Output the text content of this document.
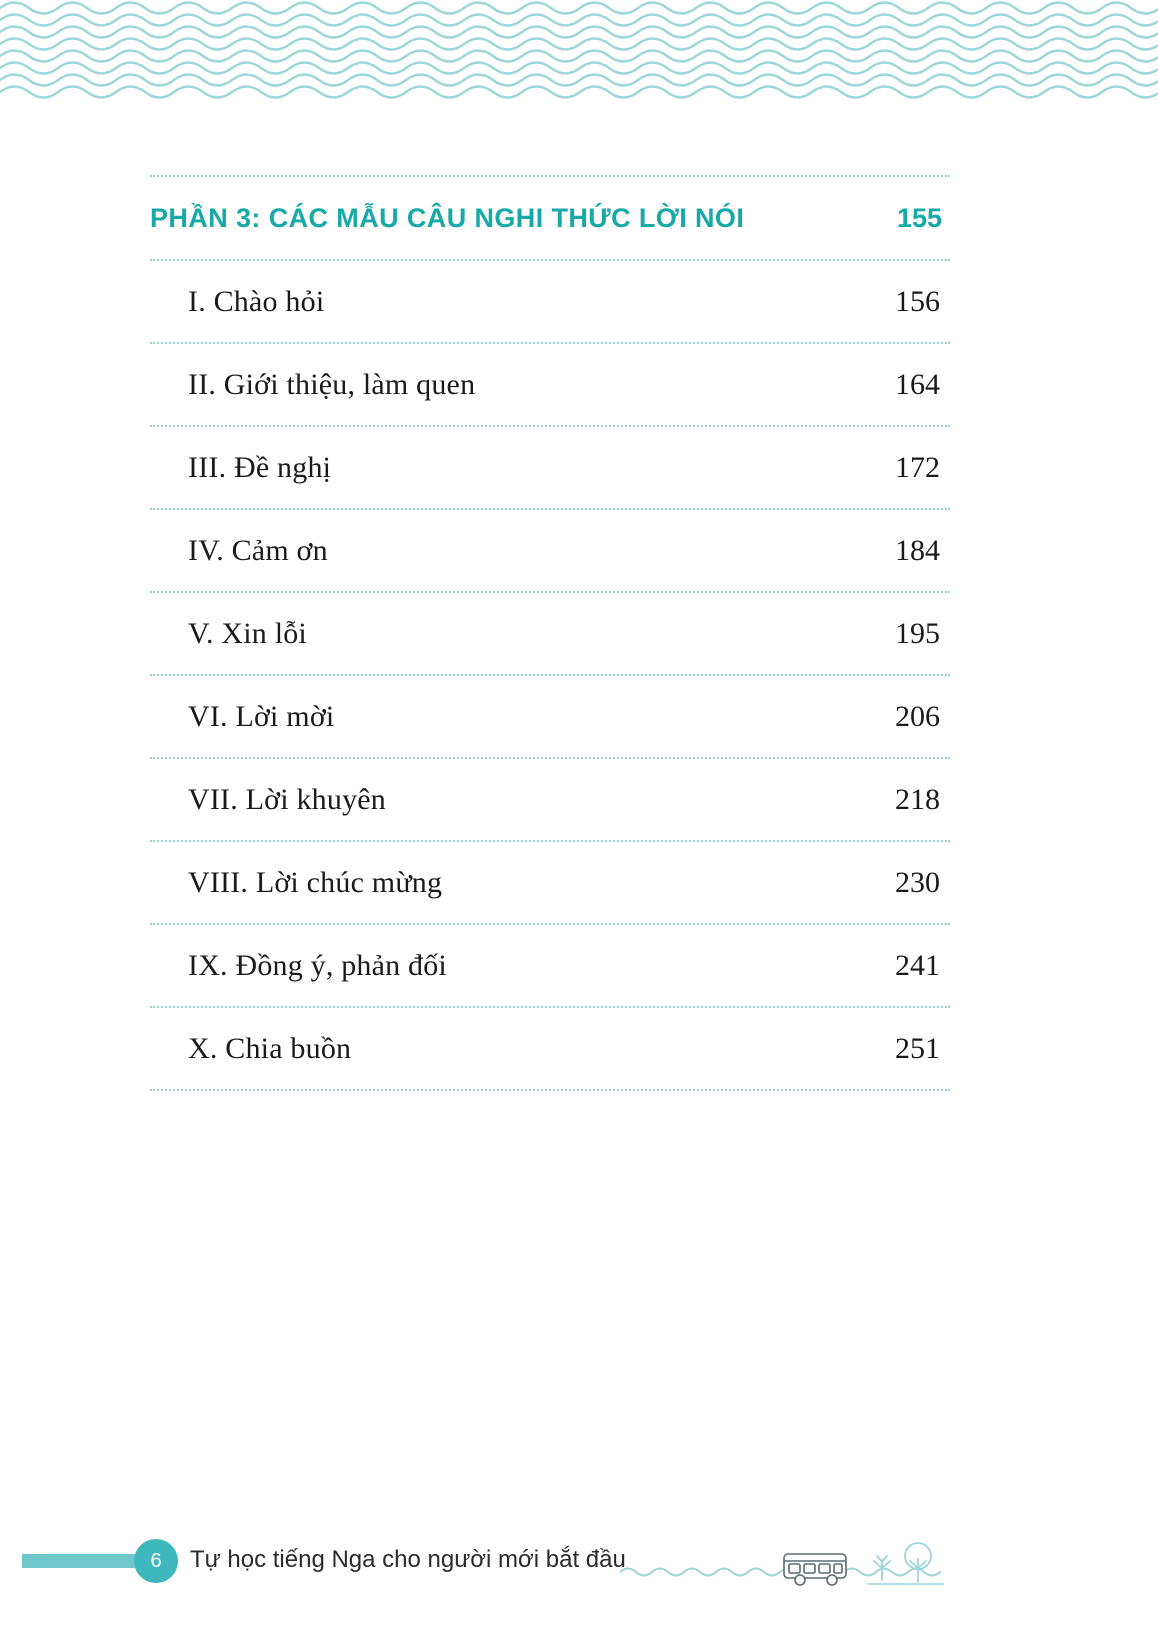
PHẦN 3: CÁC MẪU CÂU NGHI THỨC LỜI NÓI	155
I. Chào hỏi	156
II. Giới thiệu, làm quen	164
III. Đề nghị	172
IV. Cảm ơn	184
V. Xin lỗi	195
VI. Lời mời	206
VII. Lời khuyên	218
VIII. Lời chúc mừng	230
IX. Đồng ý, phản đối	241
X. Chia buồn	251
6	Tự học tiếng Nga cho người mới bắt đầu
